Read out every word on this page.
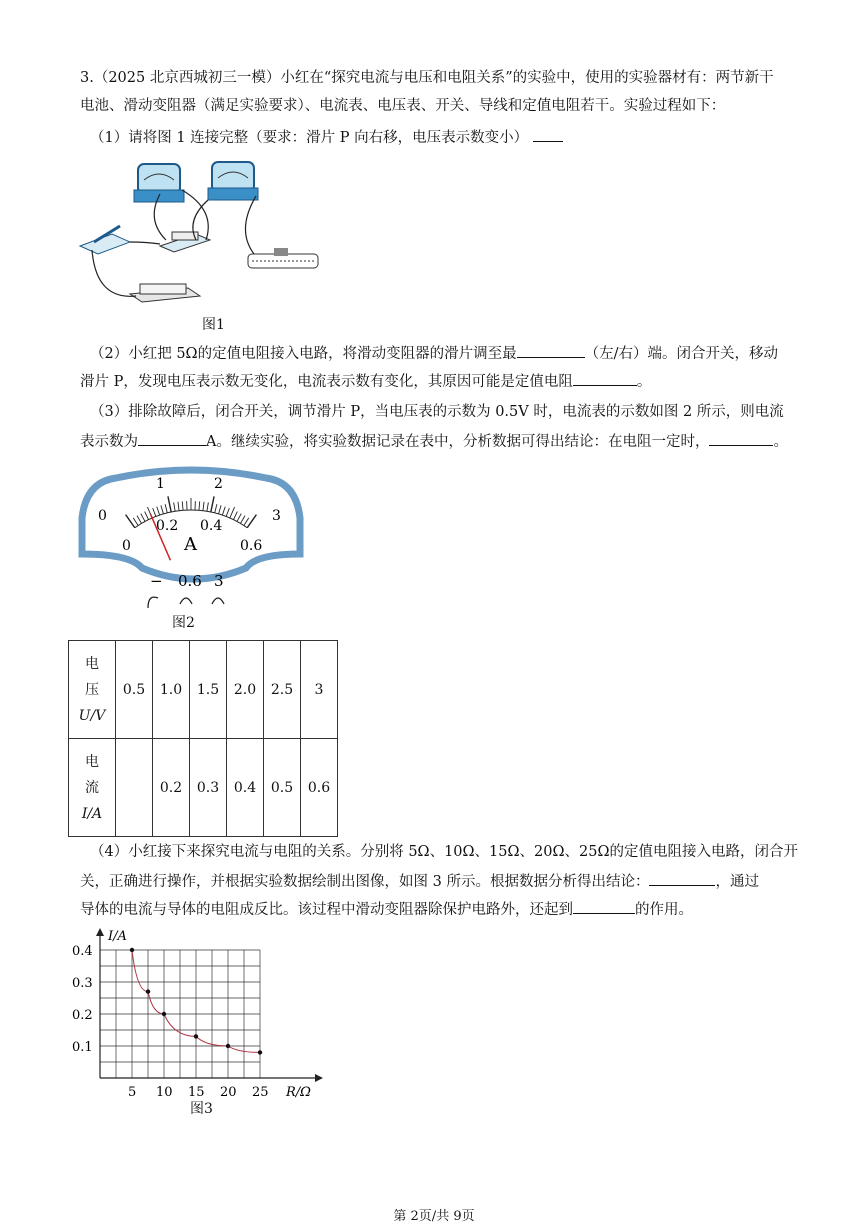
3.（2025 北京西城初三一模）小红在“探究电流与电压和电阻关系”的实验中，使用的实验器材有：两节新干
电池、滑动变阻器（满足实验要求）、电流表、电压表、开关、导线和定值电阻若干。实验过程如下：
（1）请将图 1 连接完整（要求：滑片 P 向右移，电压表示数变小）
图1
（2）小红把 5Ω的定值电阻接入电路，将滑动变阻器的滑片调至最	（左/右）端。闭合开关，移动
滑片 P，发现电压表示数无变化，电流表示数有变化，其原因可能是定值电阻	。
（3）排除故障后，闭合开关，调节滑片 P，当电压表的示数为 0.5V 时，电流表的示数如图 2 所示，则电流
表示数为	A。继续实验，将实验数据记录在表中，分析数据可得出结论：在电阻一定时，	。
0
1	2
3
0
0.2 0.4
0.6
A
− 0.6 3
图2
电
压
U/V	0.5	1.0	1.5	2.0	2.5	3

电
流
I/A		0.2	0.3	0.4	0.5	0.6
（4）小红接下来探究电流与电阻的关系。分别将 5Ω、10Ω、15Ω、20Ω、25Ω的定值电阻接入电路，闭合开
关，正确进行操作，并根据实验数据绘制出图像，如图 3 所示。根据数据分析得出结论：	，通过
导体的电流与导体的电阻成反比。该过程中滑动变阻器除保护电路外，还起到	的作用。
I/A
R/Ω
0.4
0.3
0.2
0.1
5 10 15 20 25
图3
第 2页/共 9页
